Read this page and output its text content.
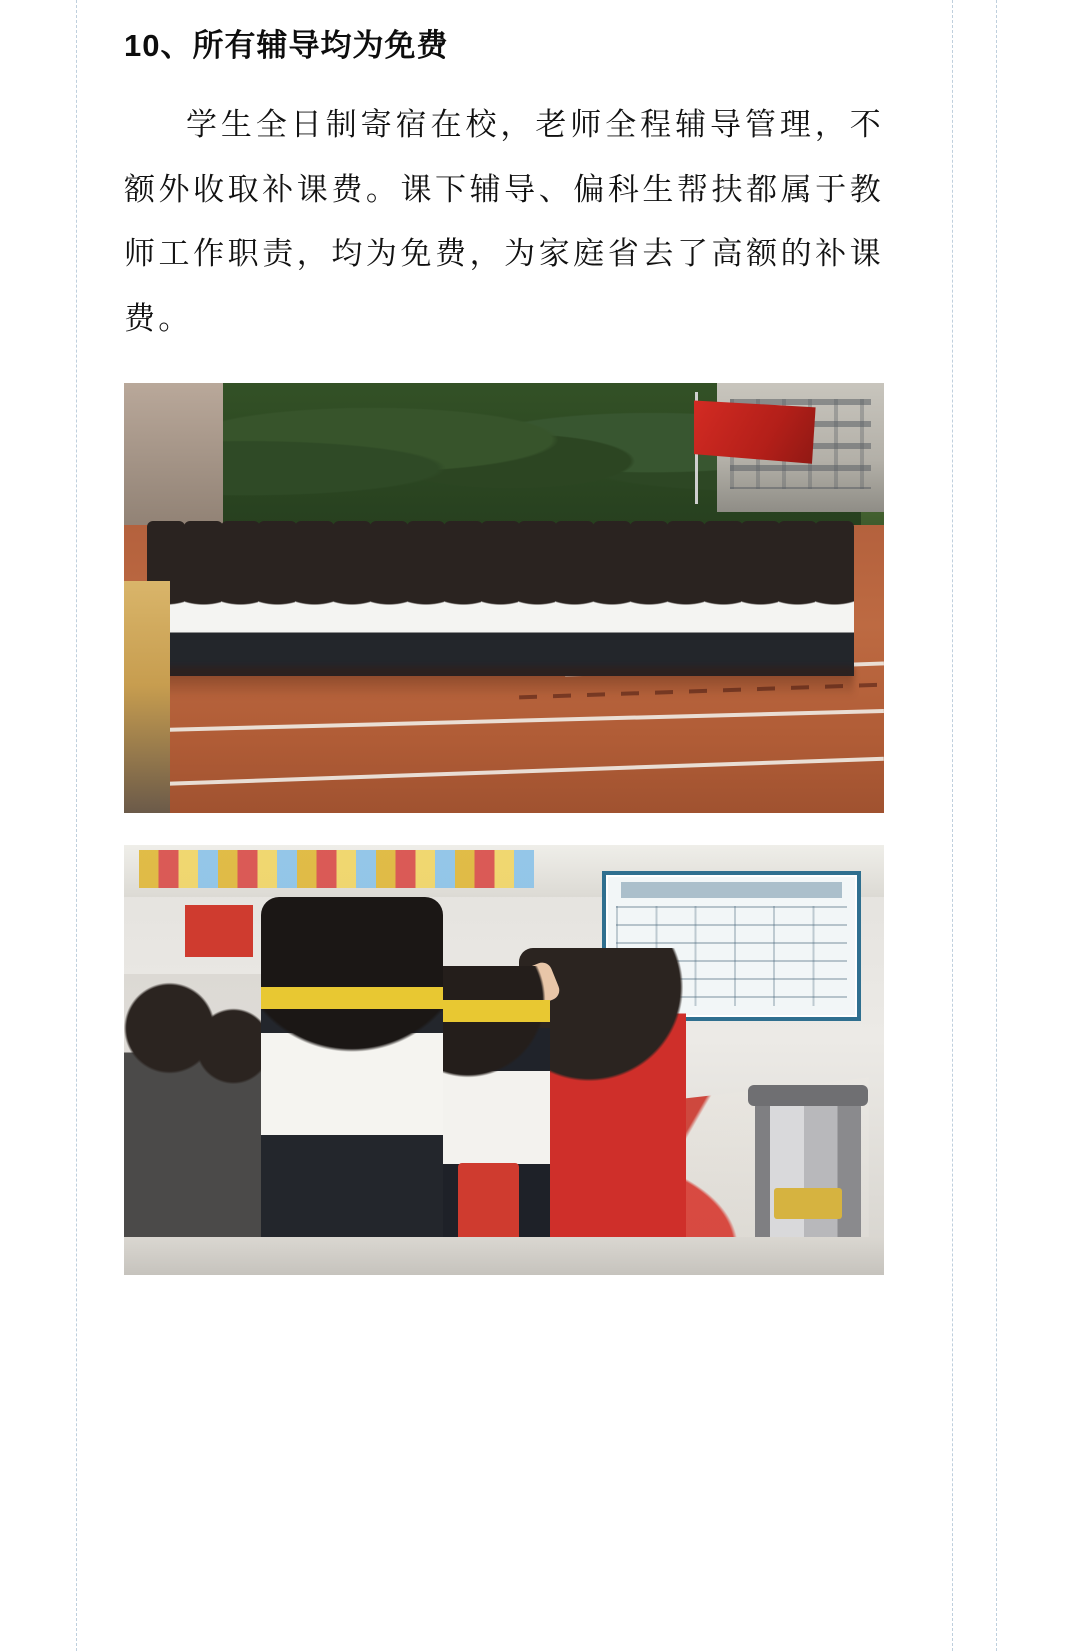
10、所有辅导均为免费

学生全日制寄宿在校，老师全程辅导管理，不额外收取补课费。课下辅导、偏科生帮扶都属于教师工作职责，均为免费，为家庭省去了高额的补课费。
